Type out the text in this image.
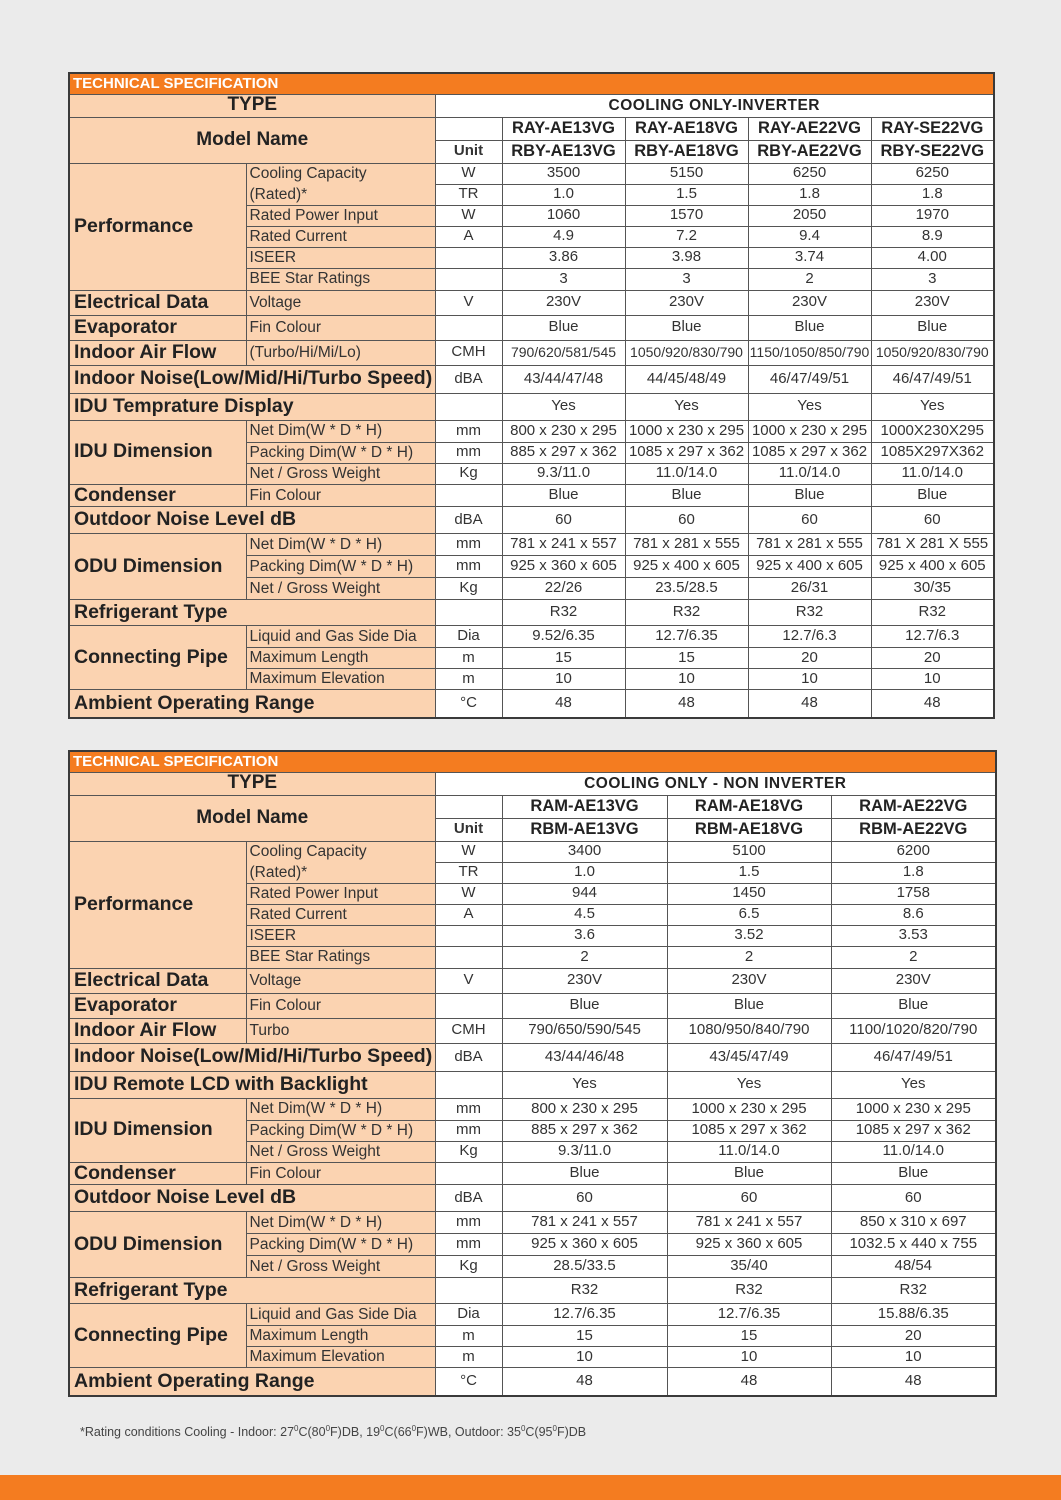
TECHNICAL SPECIFICATION						
TYPE		COOLING ONLY-INVERTER				
Model Name			RAY-AE13VG	RAY-AE18VG	RAY-AE22VG	RAY-SE22VG
		Unit	RBY-AE13VG	RBY-AE18VG	RBY-AE22VG	RBY-SE22VG
Performance	Cooling Capacity	W	3500	5150	6250	6250
	(Rated)*	TR	1.0	1.5	1.8	1.8
	Rated Power Input	W	1060	1570	2050	1970
	Rated Current	A	4.9	7.2	9.4	8.9
	ISEER		3.86	3.98	3.74	4.00
	BEE Star Ratings		3	3	2	3
Electrical Data	Voltage	V	230V	230V	230V	230V
Evaporator	Fin Colour		Blue	Blue	Blue	Blue
Indoor Air Flow	(Turbo/Hi/Mi/Lo)	CMH	790/620/581/545	1050/920/830/790	1150/1050/850/790	1050/920/830/790
Indoor Noise(Low/Mid/Hi/Turbo Speed)		dBA	43/44/47/48	44/45/48/49	46/47/49/51	46/47/49/51
IDU Temprature Display			Yes	Yes	Yes	Yes
IDU Dimension	Net Dim(W * D * H)	mm	800 x 230 x 295	1000 x 230 x 295	1000 x 230 x 295	1000X230X295
	Packing Dim(W * D * H)	mm	885 x 297 x 362	1085 x 297 x 362	1085 x 297 x 362	1085X297X362
	Net / Gross Weight	Kg	9.3/11.0	11.0/14.0	11.0/14.0	11.0/14.0
Condenser	Fin Colour		Blue	Blue	Blue	Blue
Outdoor Noise Level dB		dBA	60	60	60	60
ODU Dimension	Net Dim(W * D * H)	mm	781 x 241 x 557	781 x 281 x 555	781 x 281 x 555	781 X 281 X 555
	Packing Dim(W * D * H)	mm	925 x 360 x 605	925 x 400 x 605	925 x 400 x 605	925 x 400 x 605
	Net / Gross Weight	Kg	22/26	23.5/28.5	26/31	30/35
Refrigerant Type			R32	R32	R32	R32
Connecting Pipe	Liquid and Gas Side Dia	Dia	9.52/6.35	12.7/6.35	12.7/6.3	12.7/6.3
	Maximum Length	m	15	15	20	20
	Maximum Elevation	m	10	10	10	10
Ambient Operating Range		°C	48	48	48	48
TECHNICAL SPECIFICATION					
TYPE		COOLING ONLY - NON INVERTER			
Model Name			RAM-AE13VG	RAM-AE18VG	RAM-AE22VG
		Unit	RBM-AE13VG	RBM-AE18VG	RBM-AE22VG
Performance	Cooling Capacity	W	3400	5100	6200
	(Rated)*	TR	1.0	1.5	1.8
	Rated Power Input	W	944	1450	1758
	Rated Current	A	4.5	6.5	8.6
	ISEER		3.6	3.52	3.53
	BEE Star Ratings		2	2	2
Electrical Data	Voltage	V	230V	230V	230V
Evaporator	Fin Colour		Blue	Blue	Blue
Indoor Air Flow	Turbo	CMH	790/650/590/545	1080/950/840/790	1100/1020/820/790
Indoor Noise(Low/Mid/Hi/Turbo Speed)		dBA	43/44/46/48	43/45/47/49	46/47/49/51
IDU Remote LCD with Backlight			Yes	Yes	Yes
IDU Dimension	Net Dim(W * D * H)	mm	800 x 230 x 295	1000 x 230 x 295	1000 x 230 x 295
	Packing Dim(W * D * H)	mm	885 x 297 x 362	1085 x 297 x 362	1085 x 297 x 362
	Net / Gross Weight	Kg	9.3/11.0	11.0/14.0	11.0/14.0
Condenser	Fin Colour		Blue	Blue	Blue
Outdoor Noise Level dB		dBA	60	60	60
ODU Dimension	Net Dim(W * D * H)	mm	781 x 241 x 557	781 x 241 x 557	850 x 310 x 697
	Packing Dim(W * D * H)	mm	925 x 360 x 605	925 x 360 x 605	1032.5 x 440 x 755
	Net / Gross Weight	Kg	28.5/33.5	35/40	48/54
Refrigerant Type			R32	R32	R32
Connecting Pipe	Liquid and Gas Side Dia	Dia	12.7/6.35	12.7/6.35	15.88/6.35
	Maximum Length	m	15	15	20
	Maximum Elevation	m	10	10	10
Ambient Operating Range		°C	48	48	48
*Rating conditions Cooling - Indoor: $27^0C(80^0F)DB$, $19^0C(66^0F)WB$, Outdoor: $35^0C(95^0F)DB$
